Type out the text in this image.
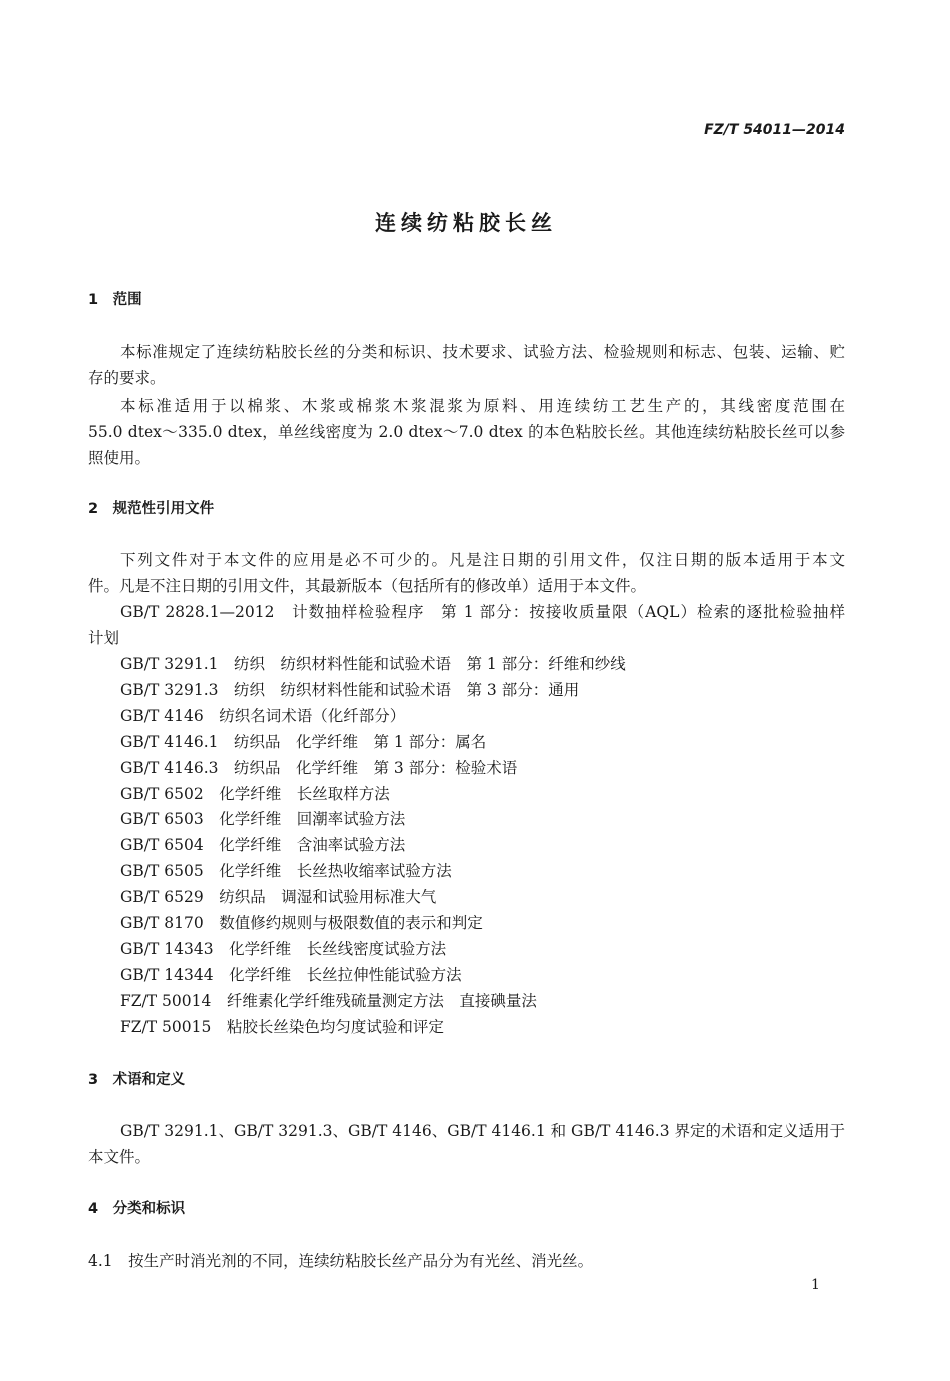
FZ/T 54011—2014
连续纺粘胶长丝
1　范围
本标准规定了连续纺粘胶长丝的分类和标识、技术要求、试验方法、检验规则和标志、包装、运输、贮
存的要求。
本标准适用于以棉浆、木浆或棉浆木浆混浆为原料、用连续纺工艺生产的，其线密度范围在
55.0 dtex～335.0 dtex，单丝线密度为 2.0 dtex～7.0 dtex 的本色粘胶长丝。其他连续纺粘胶长丝可以参
照使用。
2　规范性引用文件
下列文件对于本文件的应用是必不可少的。凡是注日期的引用文件，仅注日期的版本适用于本文
件。凡是不注日期的引用文件，其最新版本（包括所有的修改单）适用于本文件。
GB/T 2828.1—2012　计数抽样检验程序　第 1 部分：按接收质量限（AQL）检索的逐批检验抽样
计划
GB/T 3291.1　纺织　纺织材料性能和试验术语　第 1 部分：纤维和纱线
GB/T 3291.3　纺织　纺织材料性能和试验术语　第 3 部分：通用
GB/T 4146　纺织名词术语（化纤部分）
GB/T 4146.1　纺织品　化学纤维　第 1 部分：属名
GB/T 4146.3　纺织品　化学纤维　第 3 部分：检验术语
GB/T 6502　化学纤维　长丝取样方法
GB/T 6503　化学纤维　回潮率试验方法
GB/T 6504　化学纤维　含油率试验方法
GB/T 6505　化学纤维　长丝热收缩率试验方法
GB/T 6529　纺织品　调湿和试验用标准大气
GB/T 8170　数值修约规则与极限数值的表示和判定
GB/T 14343　化学纤维　长丝线密度试验方法
GB/T 14344　化学纤维　长丝拉伸性能试验方法
FZ/T 50014　纤维素化学纤维残硫量测定方法　直接碘量法
FZ/T 50015　粘胶长丝染色均匀度试验和评定
3　术语和定义
GB/T 3291.1、GB/T 3291.3、GB/T 4146、GB/T 4146.1 和 GB/T 4146.3 界定的术语和定义适用于
本文件。
4　分类和标识
4.1　按生产时消光剂的不同，连续纺粘胶长丝产品分为有光丝、消光丝。
1
